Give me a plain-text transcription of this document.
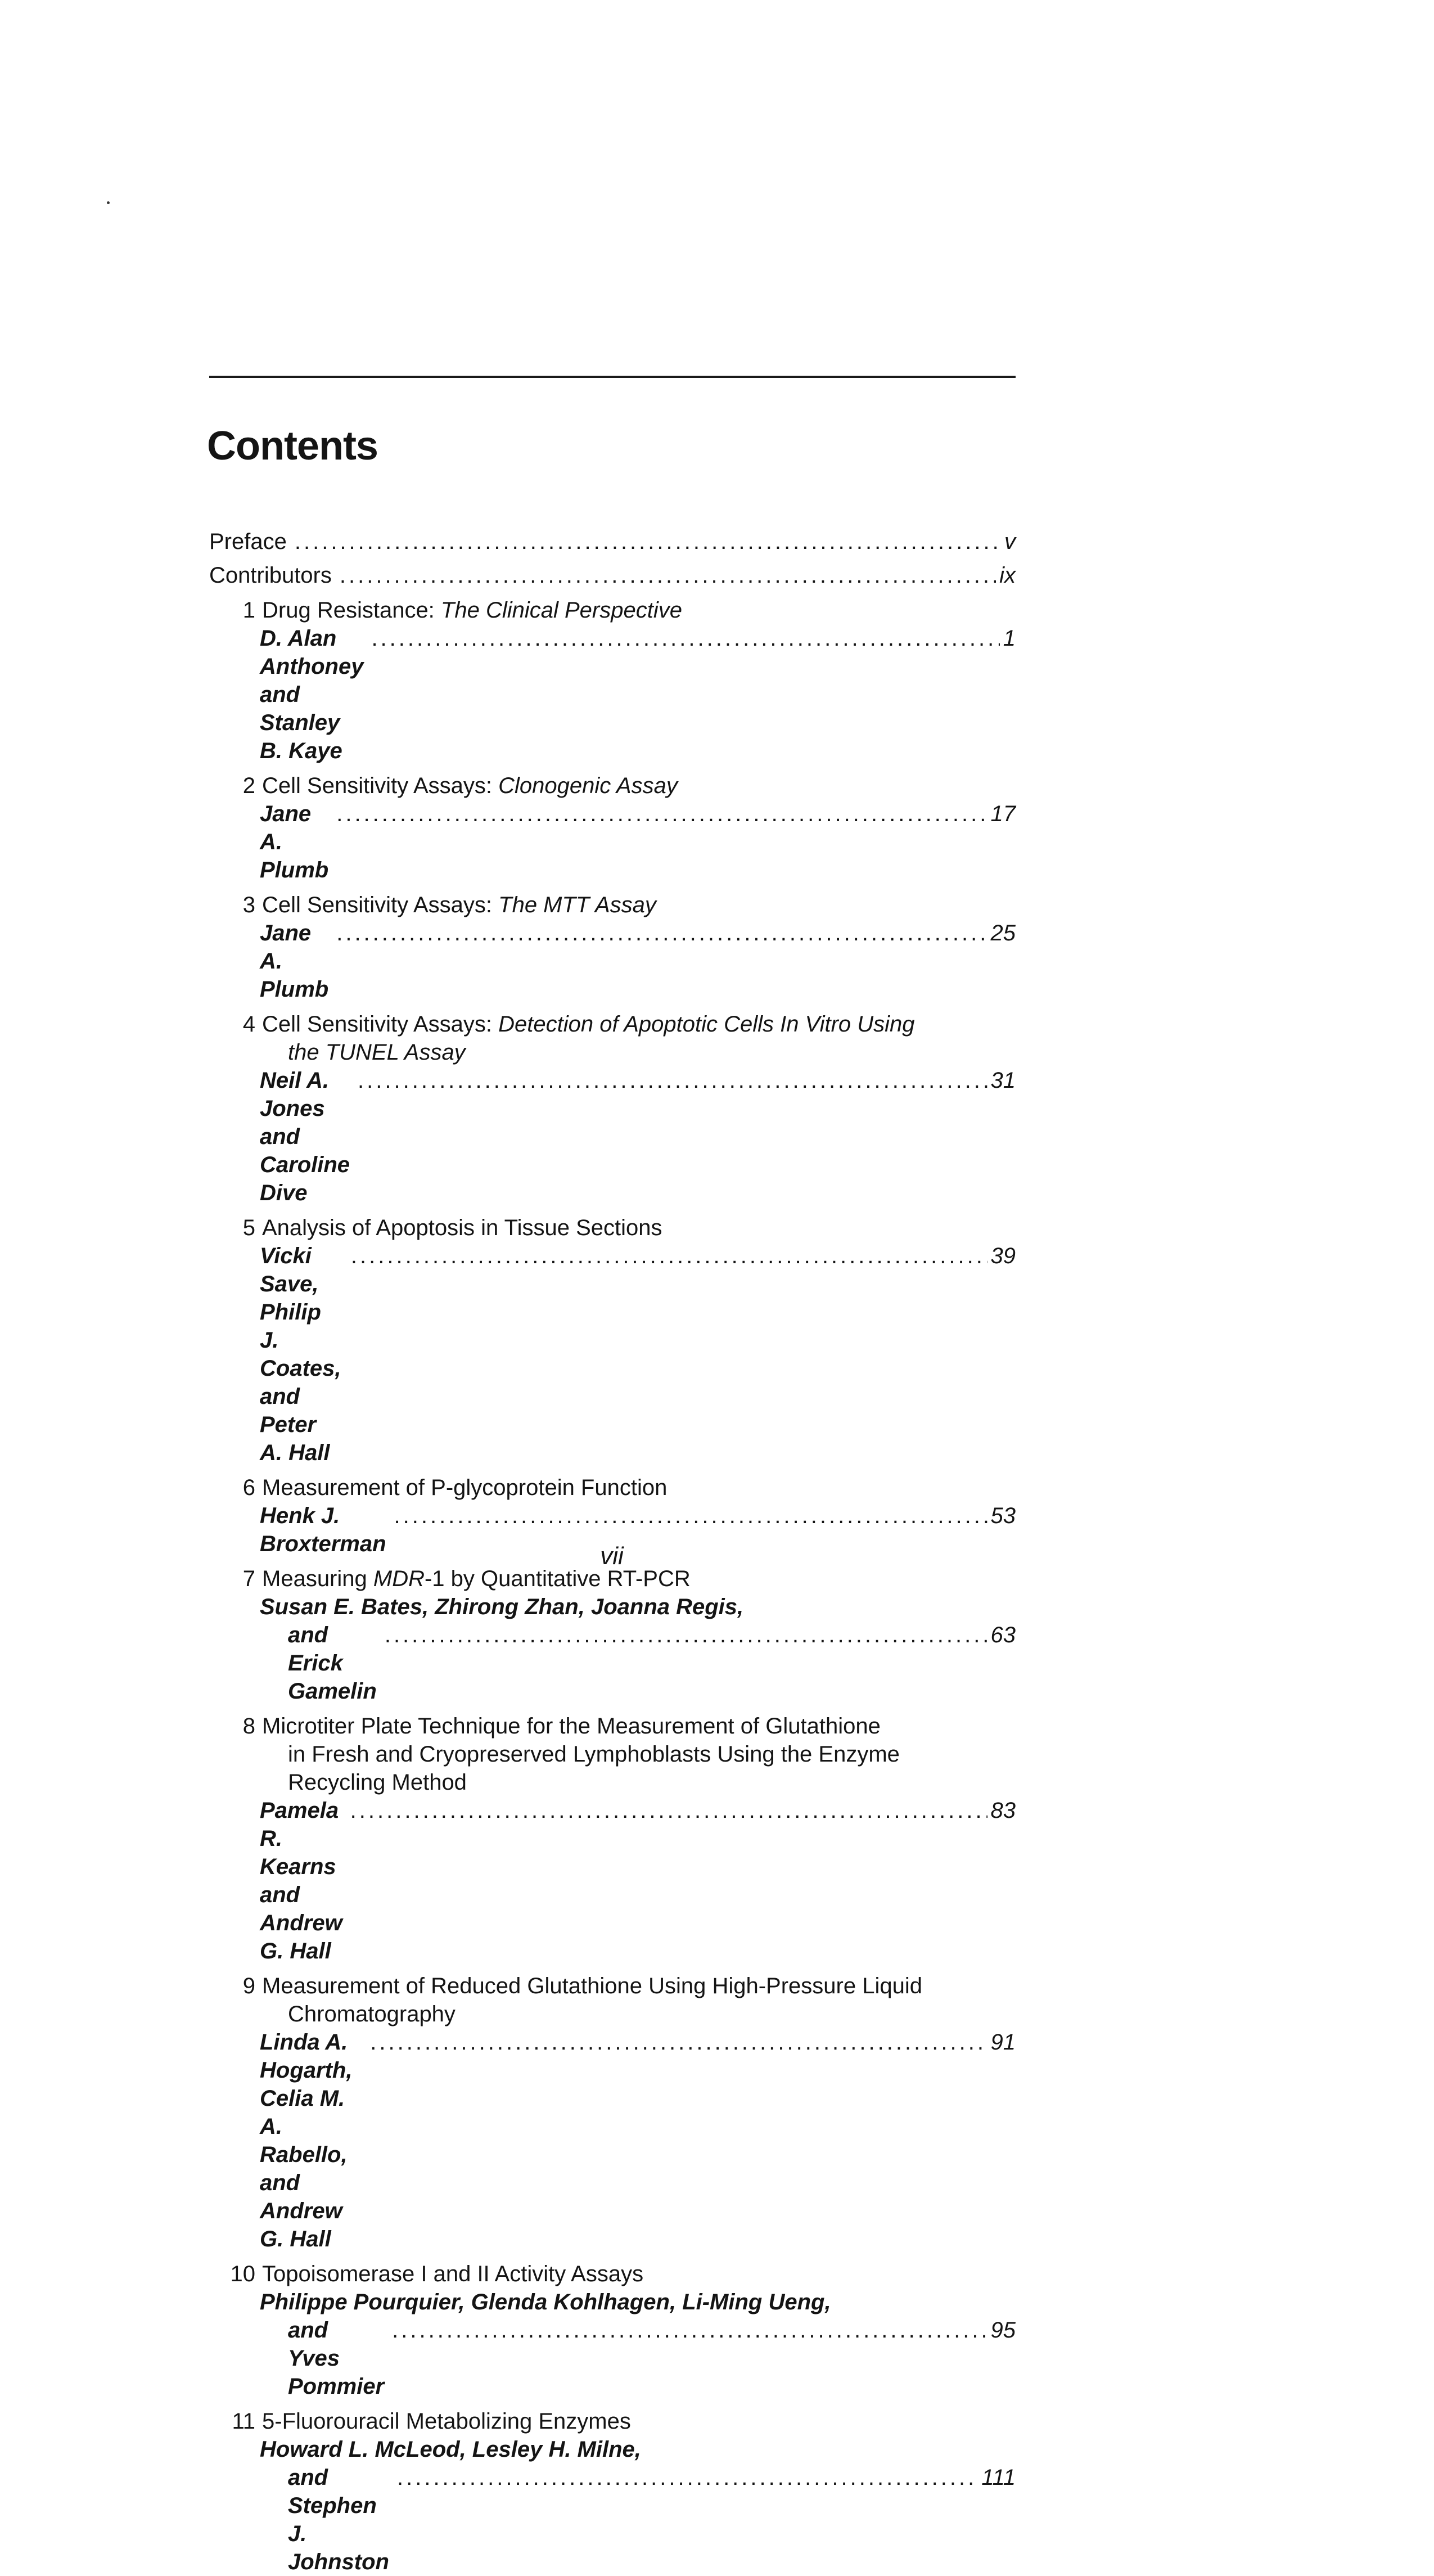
Contents
Preface .....	v
Contributors .....	ix
1 Drug Resistance: The Clinical Perspective
D. Alan Anthoney and Stanley B. Kaye
.....
1
2 Cell Sensitivity Assays: Clonogenic Assay
Jane A. Plumb
.....
17
3 Cell Sensitivity Assays: The MTT Assay
Jane A. Plumb
.....
25
4 Cell Sensitivity Assays: Detection of Apoptotic Cells In Vitro Using
the TUNEL Assay
Neil A. Jones and Caroline Dive
.....
31
5 Analysis of Apoptosis in Tissue Sections
Vicki Save, Philip J. Coates, and Peter A. Hall
.....
39
6 Measurement of P-glycoprotein Function
Henk J. Broxterman
.....
53
7 Measuring MDR-1 by Quantitative RT-PCR
Susan E. Bates, Zhirong Zhan, Joanna Regis,
and Erick Gamelin
.....
63
8 Microtiter Plate Technique for the Measurement of Glutathione
in Fresh and Cryopreserved Lymphoblasts Using the Enzyme
Recycling Method
Pamela R. Kearns and Andrew G. Hall
.....
83
9 Measurement of Reduced Glutathione Using High-Pressure Liquid
Chromatography
Linda A. Hogarth, Celia M. A. Rabello, and Andrew G. Hall
.....
91
10 Topoisomerase I and II Activity Assays
Philippe Pourquier, Glenda Kohlhagen, Li-Ming Ueng,
and Yves Pommier
.....
95
11 5-Fluorouracil Metabolizing Enzymes
Howard L. McLeod, Lesley H. Milne,
and Stephen J. Johnston
.....
111
vii
